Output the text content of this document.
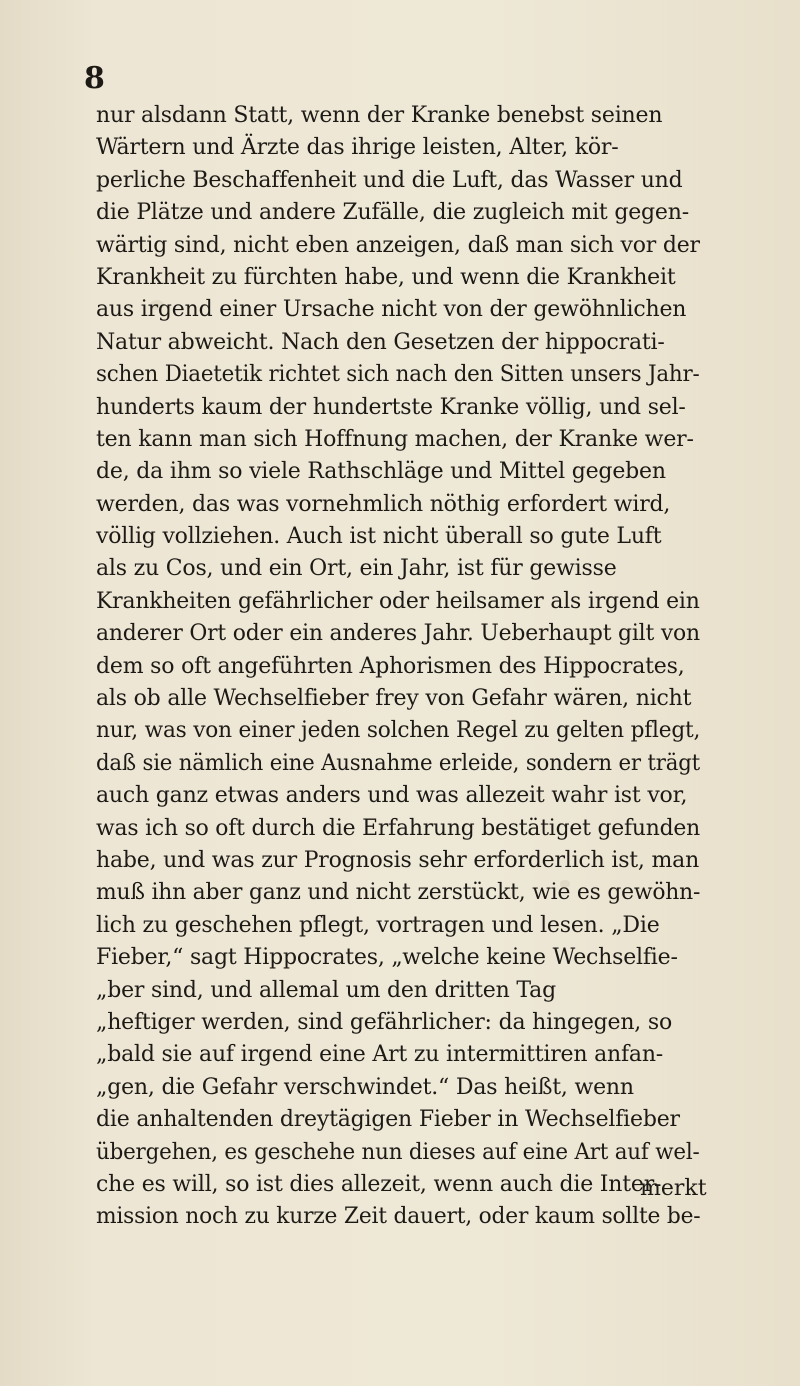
8
nur alsdann Statt, wenn der Kranke benebst seinen
Wärtern und Ärzte das ihrige leisten, Alter, kör-
perliche Beschaffenheit und die Luft, das Wasser und
die Plätze und andere Zufälle, die zugleich mit gegen-
wärtig sind, nicht eben anzeigen, daß man sich vor der
Krankheit zu fürchten habe, und wenn die Krankheit
aus irgend einer Ursache nicht von der gewöhnlichen
Natur abweicht. Nach den Gesetzen der hippocrati-
schen Diaetetik richtet sich nach den Sitten unsers Jahr-
hunderts kaum der hundertste Kranke völlig, und sel-
ten kann man sich Hoffnung machen, der Kranke wer-
de, da ihm so viele Rathschläge und Mittel gegeben
werden, das was vornehmlich nöthig erfordert wird,
völlig vollziehen. Auch ist nicht überall so gute Luft
als zu Cos, und ein Ort, ein Jahr, ist für gewisse
Krankheiten gefährlicher oder heilsamer als irgend ein
anderer Ort oder ein anderes Jahr. Ueberhaupt gilt von
dem so oft angeführten Aphorismen des Hippocrates,
als ob alle Wechselfieber frey von Gefahr wären, nicht
nur, was von einer jeden solchen Regel zu gelten pflegt,
daß sie nämlich eine Ausnahme erleide, sondern er trägt
auch ganz etwas anders und was allezeit wahr ist vor,
was ich so oft durch die Erfahrung bestätiget gefunden
habe, und was zur Prognosis sehr erforderlich ist, man
muß ihn aber ganz und nicht zerstückt, wie es gewöhn-
lich zu geschehen pflegt, vortragen und lesen. „Die
Fieber,“ sagt Hippocrates, „welche keine Wechselfie-
„ber sind, und allemal um den dritten Tag
„heftiger werden, sind gefährlicher: da hingegen, so
„bald sie auf irgend eine Art zu intermittiren anfan-
„gen, die Gefahr verschwindet.“ Das heißt, wenn
die anhaltenden dreytägigen Fieber in Wechselfieber
übergehen, es geschehe nun dieses auf eine Art auf wel-
che es will, so ist dies allezeit, wenn auch die Inter-
mission noch zu kurze Zeit dauert, oder kaum sollte be-
merkt
